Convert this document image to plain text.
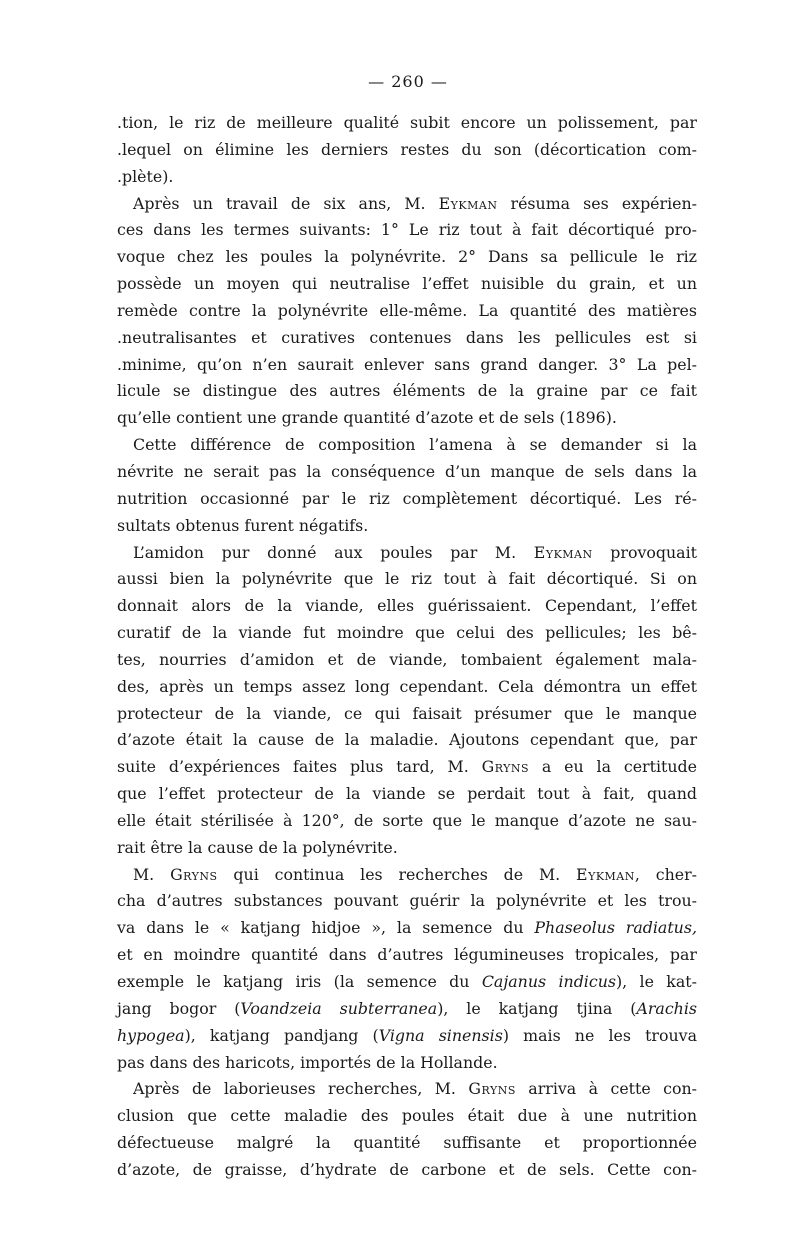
— 260 —
.tion, le riz de meilleure qualité subit encore un polissement, par
.lequel on élimine les derniers restes du son (décortication com-
.plète).
Après un travail de six ans, M. Eykman résuma ses expérien-
ces dans les termes suivants: 1° Le riz tout à fait décortiqué pro-
voque chez les poules la polynévrite. 2° Dans sa pellicule le riz
possède un moyen qui neutralise l’effet nuisible du grain, et un
remède contre la polynévrite elle-même. La quantité des matières
.neutralisantes et curatives contenues dans les pellicules est si
.minime, qu’on n’en saurait enlever sans grand danger. 3° La pel-
licule se distingue des autres éléments de la graine par ce fait
qu’elle contient une grande quantité d’azote et de sels (1896).
Cette différence de composition l’amena à se demander si la
névrite ne serait pas la conséquence d’un manque de sels dans la
nutrition occasionné par le riz complètement décortiqué. Les ré-
sultats obtenus furent négatifs.
L’amidon pur donné aux poules par M. Eykman provoquait
aussi bien la polynévrite que le riz tout à fait décortiqué. Si on
donnait alors de la viande, elles guérissaient. Cependant, l’effet
curatif de la viande fut moindre que celui des pellicules; les bê-
tes, nourries d’amidon et de viande, tombaient également mala-
des, après un temps assez long cependant. Cela démontra un effet
protecteur de la viande, ce qui faisait présumer que le manque
d’azote était la cause de la maladie. Ajoutons cependant que, par
suite d’expériences faites plus tard, M. Gryns a eu la certitude
que l’effet protecteur de la viande se perdait tout à fait, quand
elle était stérilisée à 120°, de sorte que le manque d’azote ne sau-
rait être la cause de la polynévrite.
M. Gryns qui continua les recherches de M. Eykman, cher-
cha d’autres substances pouvant guérir la polynévrite et les trou-
va dans le « katjang hidjoe », la semence du Phaseolus radiatus,
et en moindre quantité dans d’autres légumineuses tropicales, par
exemple le katjang iris (la semence du Cajanus indicus), le kat-
jang bogor (Voandzeia subterranea), le katjang tjina (Arachis
hypogea), katjang pandjang (Vigna sinensis) mais ne les trouva
pas dans des haricots, importés de la Hollande.
Après de laborieuses recherches, M. Gryns arriva à cette con-
clusion que cette maladie des poules était due à une nutrition
défectueuse malgré la quantité suffisante et proportionnée
d’azote, de graisse, d’hydrate de carbone et de sels. Cette con-
